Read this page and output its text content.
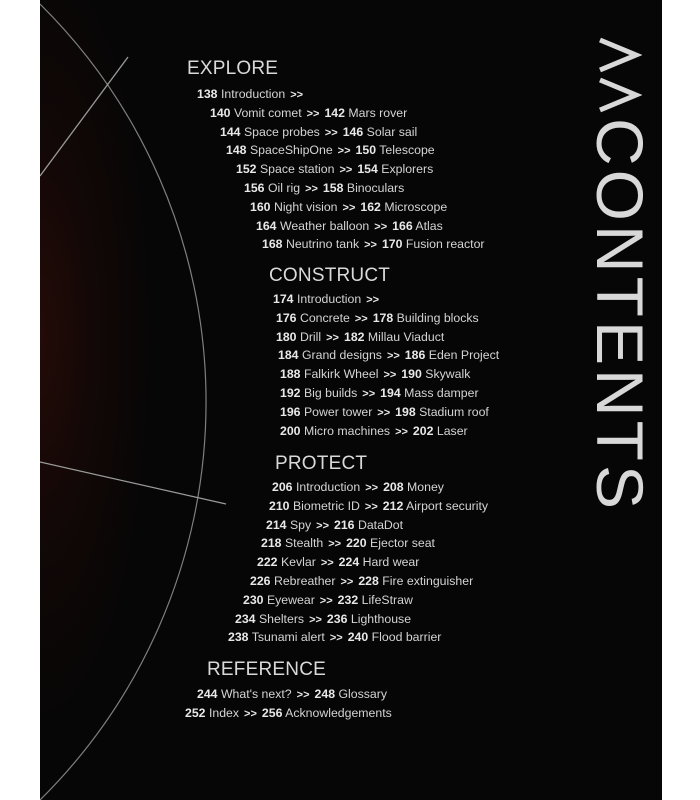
EXPLORE
138 Introduction >>
140 Vomit comet >> 142 Mars rover
144 Space probes >> 146 Solar sail
148 SpaceShipOne >> 150 Telescope
152 Space station >> 154 Explorers
156 Oil rig >> 158 Binoculars
160 Night vision >> 162 Microscope
164 Weather balloon >> 166 Atlas
168 Neutrino tank >> 170 Fusion reactor
CONSTRUCT
174 Introduction >>
176 Concrete >> 178 Building blocks
180 Drill >> 182 Millau Viaduct
184 Grand designs >> 186 Eden Project
188 Falkirk Wheel >> 190 Skywalk
192 Big builds >> 194 Mass damper
196 Power tower >> 198 Stadium roof
200 Micro machines >> 202 Laser
PROTECT
206 Introduction >> 208 Money
210 Biometric ID >> 212 Airport security
214 Spy >> 216 DataDot
218 Stealth >> 220 Ejector seat
222 Kevlar >> 224 Hard wear
226 Rebreather >> 228 Fire extinguisher
230 Eyewear >> 232 LifeStraw
234 Shelters >> 236 Lighthouse
238 Tsunami alert >> 240 Flood barrier
REFERENCE
244 What's next? >> 248 Glossary
252 Index >> 256 Acknowledgements
CONTENTS
